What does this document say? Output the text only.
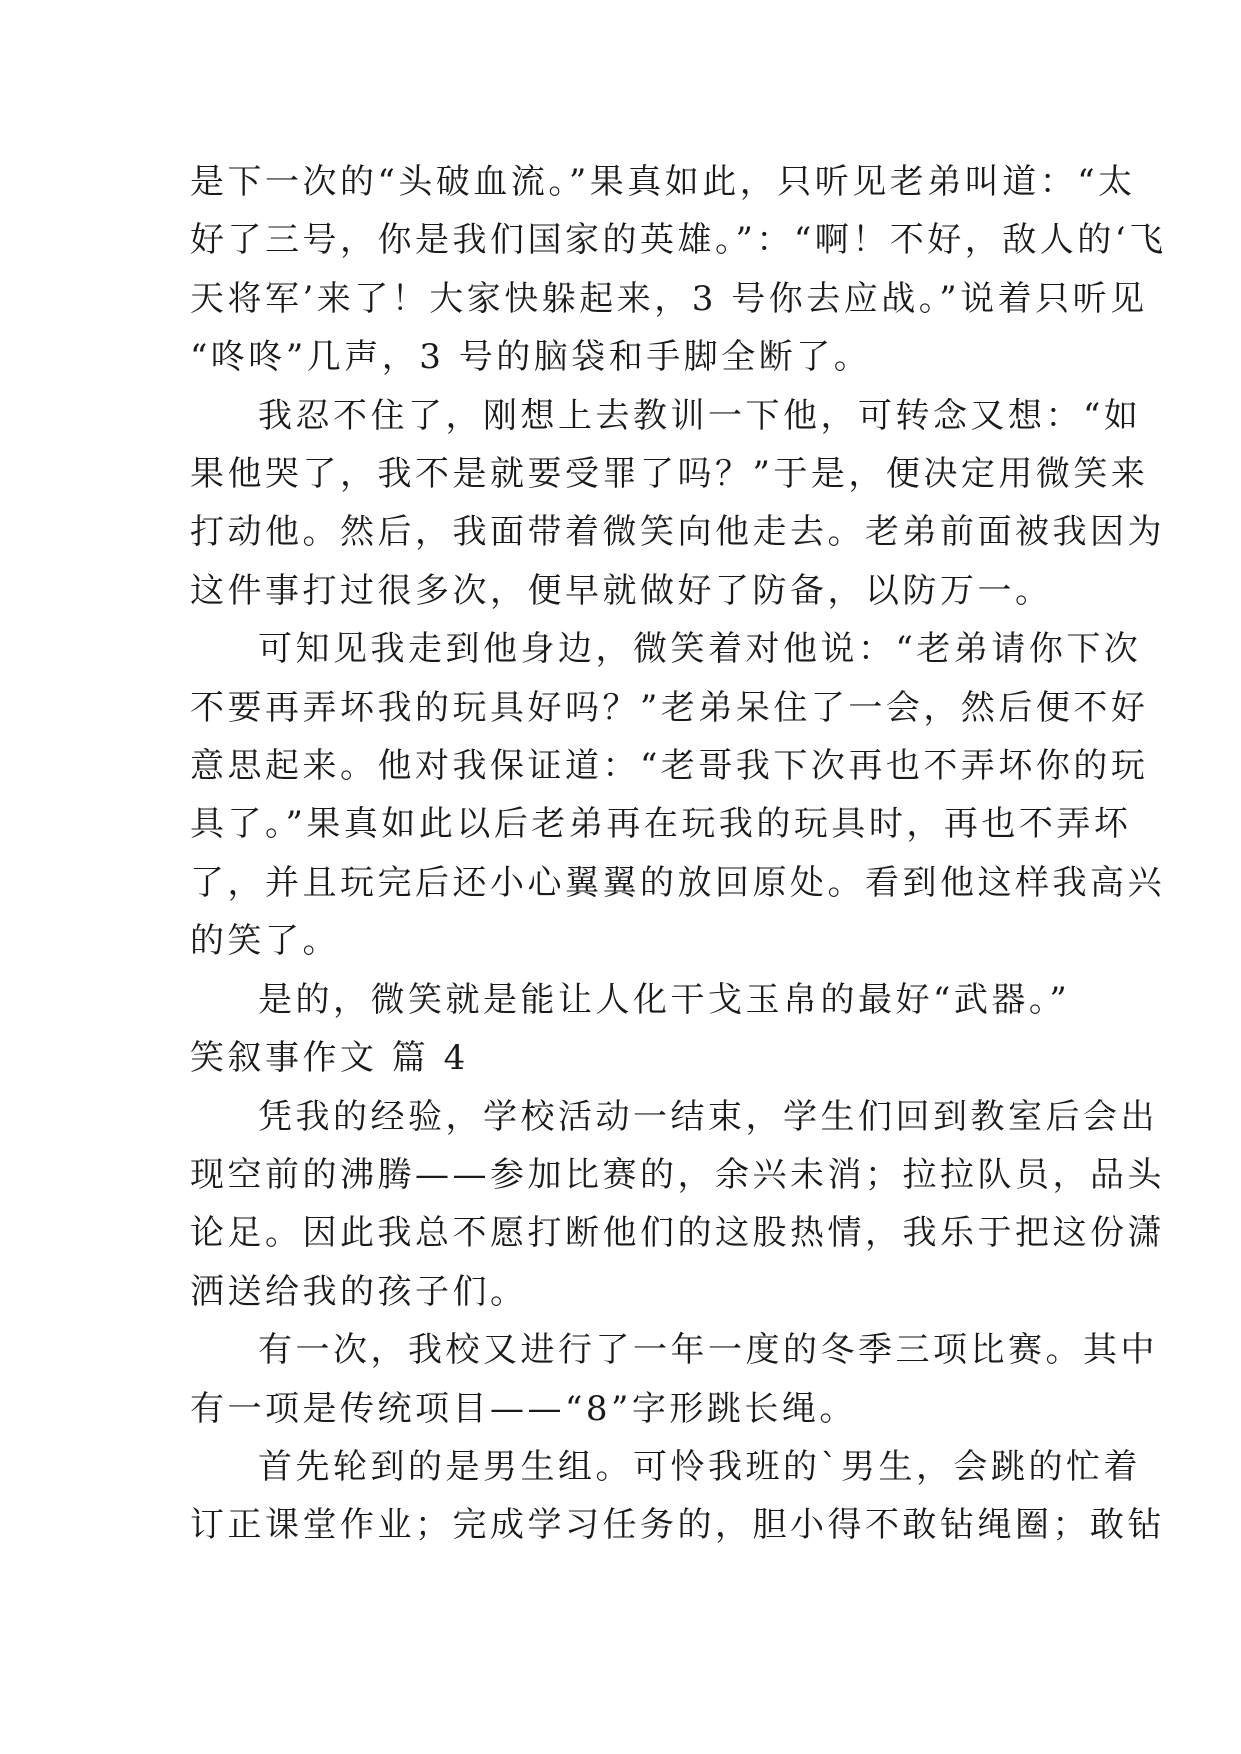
是下一次的“头破血流。”果真如此，只听见老弟叫道：“太
好了三号，你是我们国家的英雄。”：“啊！不好，敌人的‘飞
天将军’来了！大家快躲起来，3 号你去应战。”说着只听见
“咚咚”几声，3 号的脑袋和手脚全断了。
我忍不住了，刚想上去教训一下他，可转念又想：“如
果他哭了，我不是就要受罪了吗？”于是，便决定用微笑来
打动他。然后，我面带着微笑向他走去。老弟前面被我因为
这件事打过很多次，便早就做好了防备，以防万一。
可知见我走到他身边，微笑着对他说：“老弟请你下次
不要再弄坏我的玩具好吗？”老弟呆住了一会，然后便不好
意思起来。他对我保证道：“老哥我下次再也不弄坏你的玩
具了。”果真如此以后老弟再在玩我的玩具时，再也不弄坏
了，并且玩完后还小心翼翼的放回原处。看到他这样我高兴
的笑了。
是的，微笑就是能让人化干戈玉帛的最好“武器。”
笑叙事作文 篇 4
凭我的经验，学校活动一结束，学生们回到教室后会出
现空前的沸腾——参加比赛的，余兴未消；拉拉队员，品头
论足。因此我总不愿打断他们的这股热情，我乐于把这份潇
洒送给我的孩子们。
有一次，我校又进行了一年一度的冬季三项比赛。其中
有一项是传统项目——“8”字形跳长绳。
首先轮到的是男生组。可怜我班的`男生，会跳的忙着
订正课堂作业；完成学习任务的，胆小得不敢钻绳圈；敢钻
